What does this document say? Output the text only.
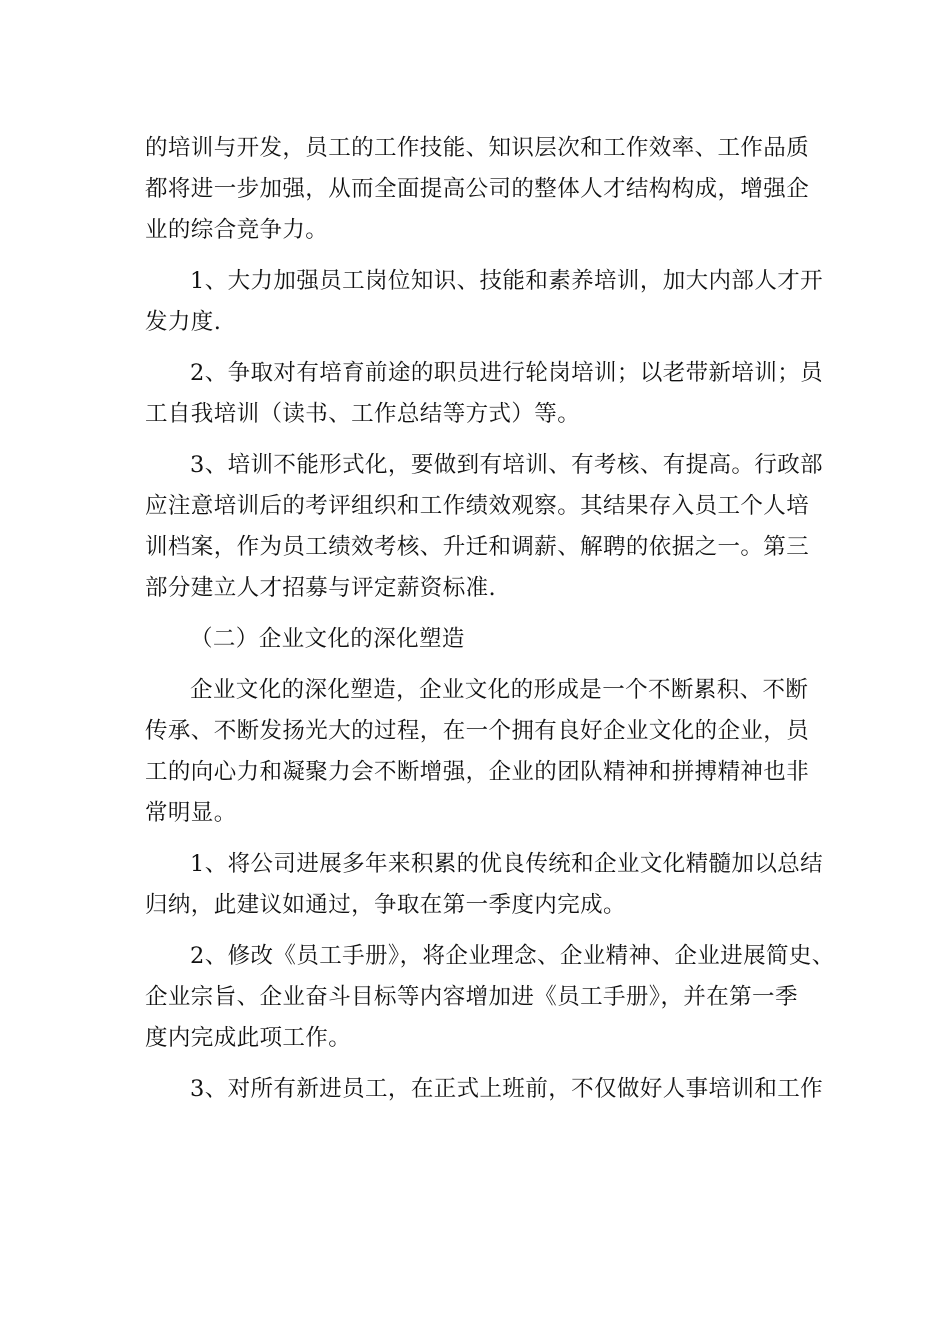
的培训与开发，员工的工作技能、知识层次和工作效率、工作品质
都将进一步加强，从而全面提高公司的整体人才结构构成，增强企
业的综合竞争力。

1、大力加强员工岗位知识、技能和素养培训，加大内部人才开
发力度.

2、争取对有培育前途的职员进行轮岗培训；以老带新培训；员
工自我培训（读书、工作总结等方式）等。

3、培训不能形式化，要做到有培训、有考核、有提高。行政部
应注意培训后的考评组织和工作绩效观察。其结果存入员工个人培
训档案，作为员工绩效考核、升迁和调薪、解聘的依据之一。第三
部分建立人才招募与评定薪资标准.

（二）企业文化的深化塑造

企业文化的深化塑造，企业文化的形成是一个不断累积、不断
传承、不断发扬光大的过程，在一个拥有良好企业文化的企业，员
工的向心力和凝聚力会不断增强，企业的团队精神和拼搏精神也非
常明显。

1、将公司进展多年来积累的优良传统和企业文化精髓加以总结
归纳，此建议如通过，争取在第一季度内完成。

2、修改《员工手册》，将企业理念、企业精神、企业进展简史、
企业宗旨、企业奋斗目标等内容增加进《员工手册》，并在第一季
度内完成此项工作。

3、对所有新进员工，在正式上班前，不仅做好人事培训和工作
